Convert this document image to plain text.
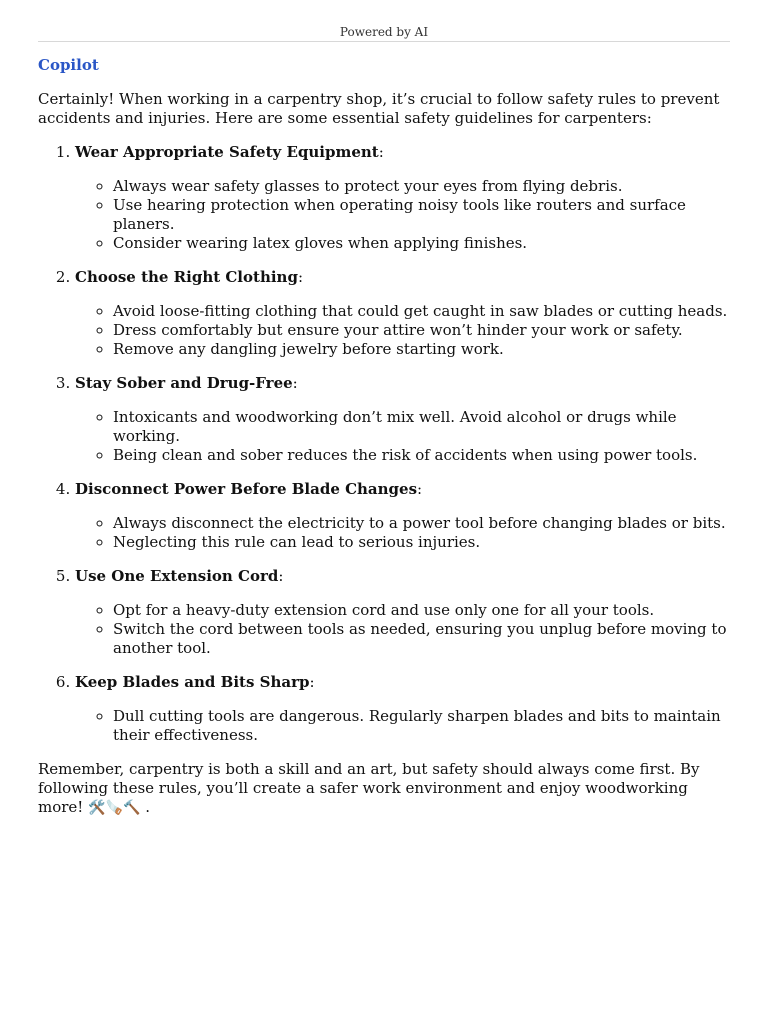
Powered by AI

Copilot

Certainly! When working in a carpentry shop, it’s crucial to follow safety rules to prevent accidents and injuries. Here are some essential safety guidelines for carpenters:

1. Wear Appropriate Safety Equipment:
◦ Always wear safety glasses to protect your eyes from flying debris.
◦ Use hearing protection when operating noisy tools like routers and surface planers.
◦ Consider wearing latex gloves when applying finishes.
2. Choose the Right Clothing:
◦ Avoid loose-fitting clothing that could get caught in saw blades or cutting heads.
◦ Dress comfortably but ensure your attire won’t hinder your work or safety.
◦ Remove any dangling jewelry before starting work.
3. Stay Sober and Drug-Free:
◦ Intoxicants and woodworking don’t mix well. Avoid alcohol or drugs while working.
◦ Being clean and sober reduces the risk of accidents when using power tools.
4. Disconnect Power Before Blade Changes:
◦ Always disconnect the electricity to a power tool before changing blades or bits.
◦ Neglecting this rule can lead to serious injuries.
5. Use One Extension Cord:
◦ Opt for a heavy-duty extension cord and use only one for all your tools.
◦ Switch the cord between tools as needed, ensuring you unplug before moving to another tool.
6. Keep Blades and Bits Sharp:
◦ Dull cutting tools are dangerous. Regularly sharpen blades and bits to maintain their effectiveness.

Remember, carpentry is both a skill and an art, but safety should always come first. By following these rules, you’ll create a safer work environment and enjoy woodworking more! 🛠️🪚🔨 .
